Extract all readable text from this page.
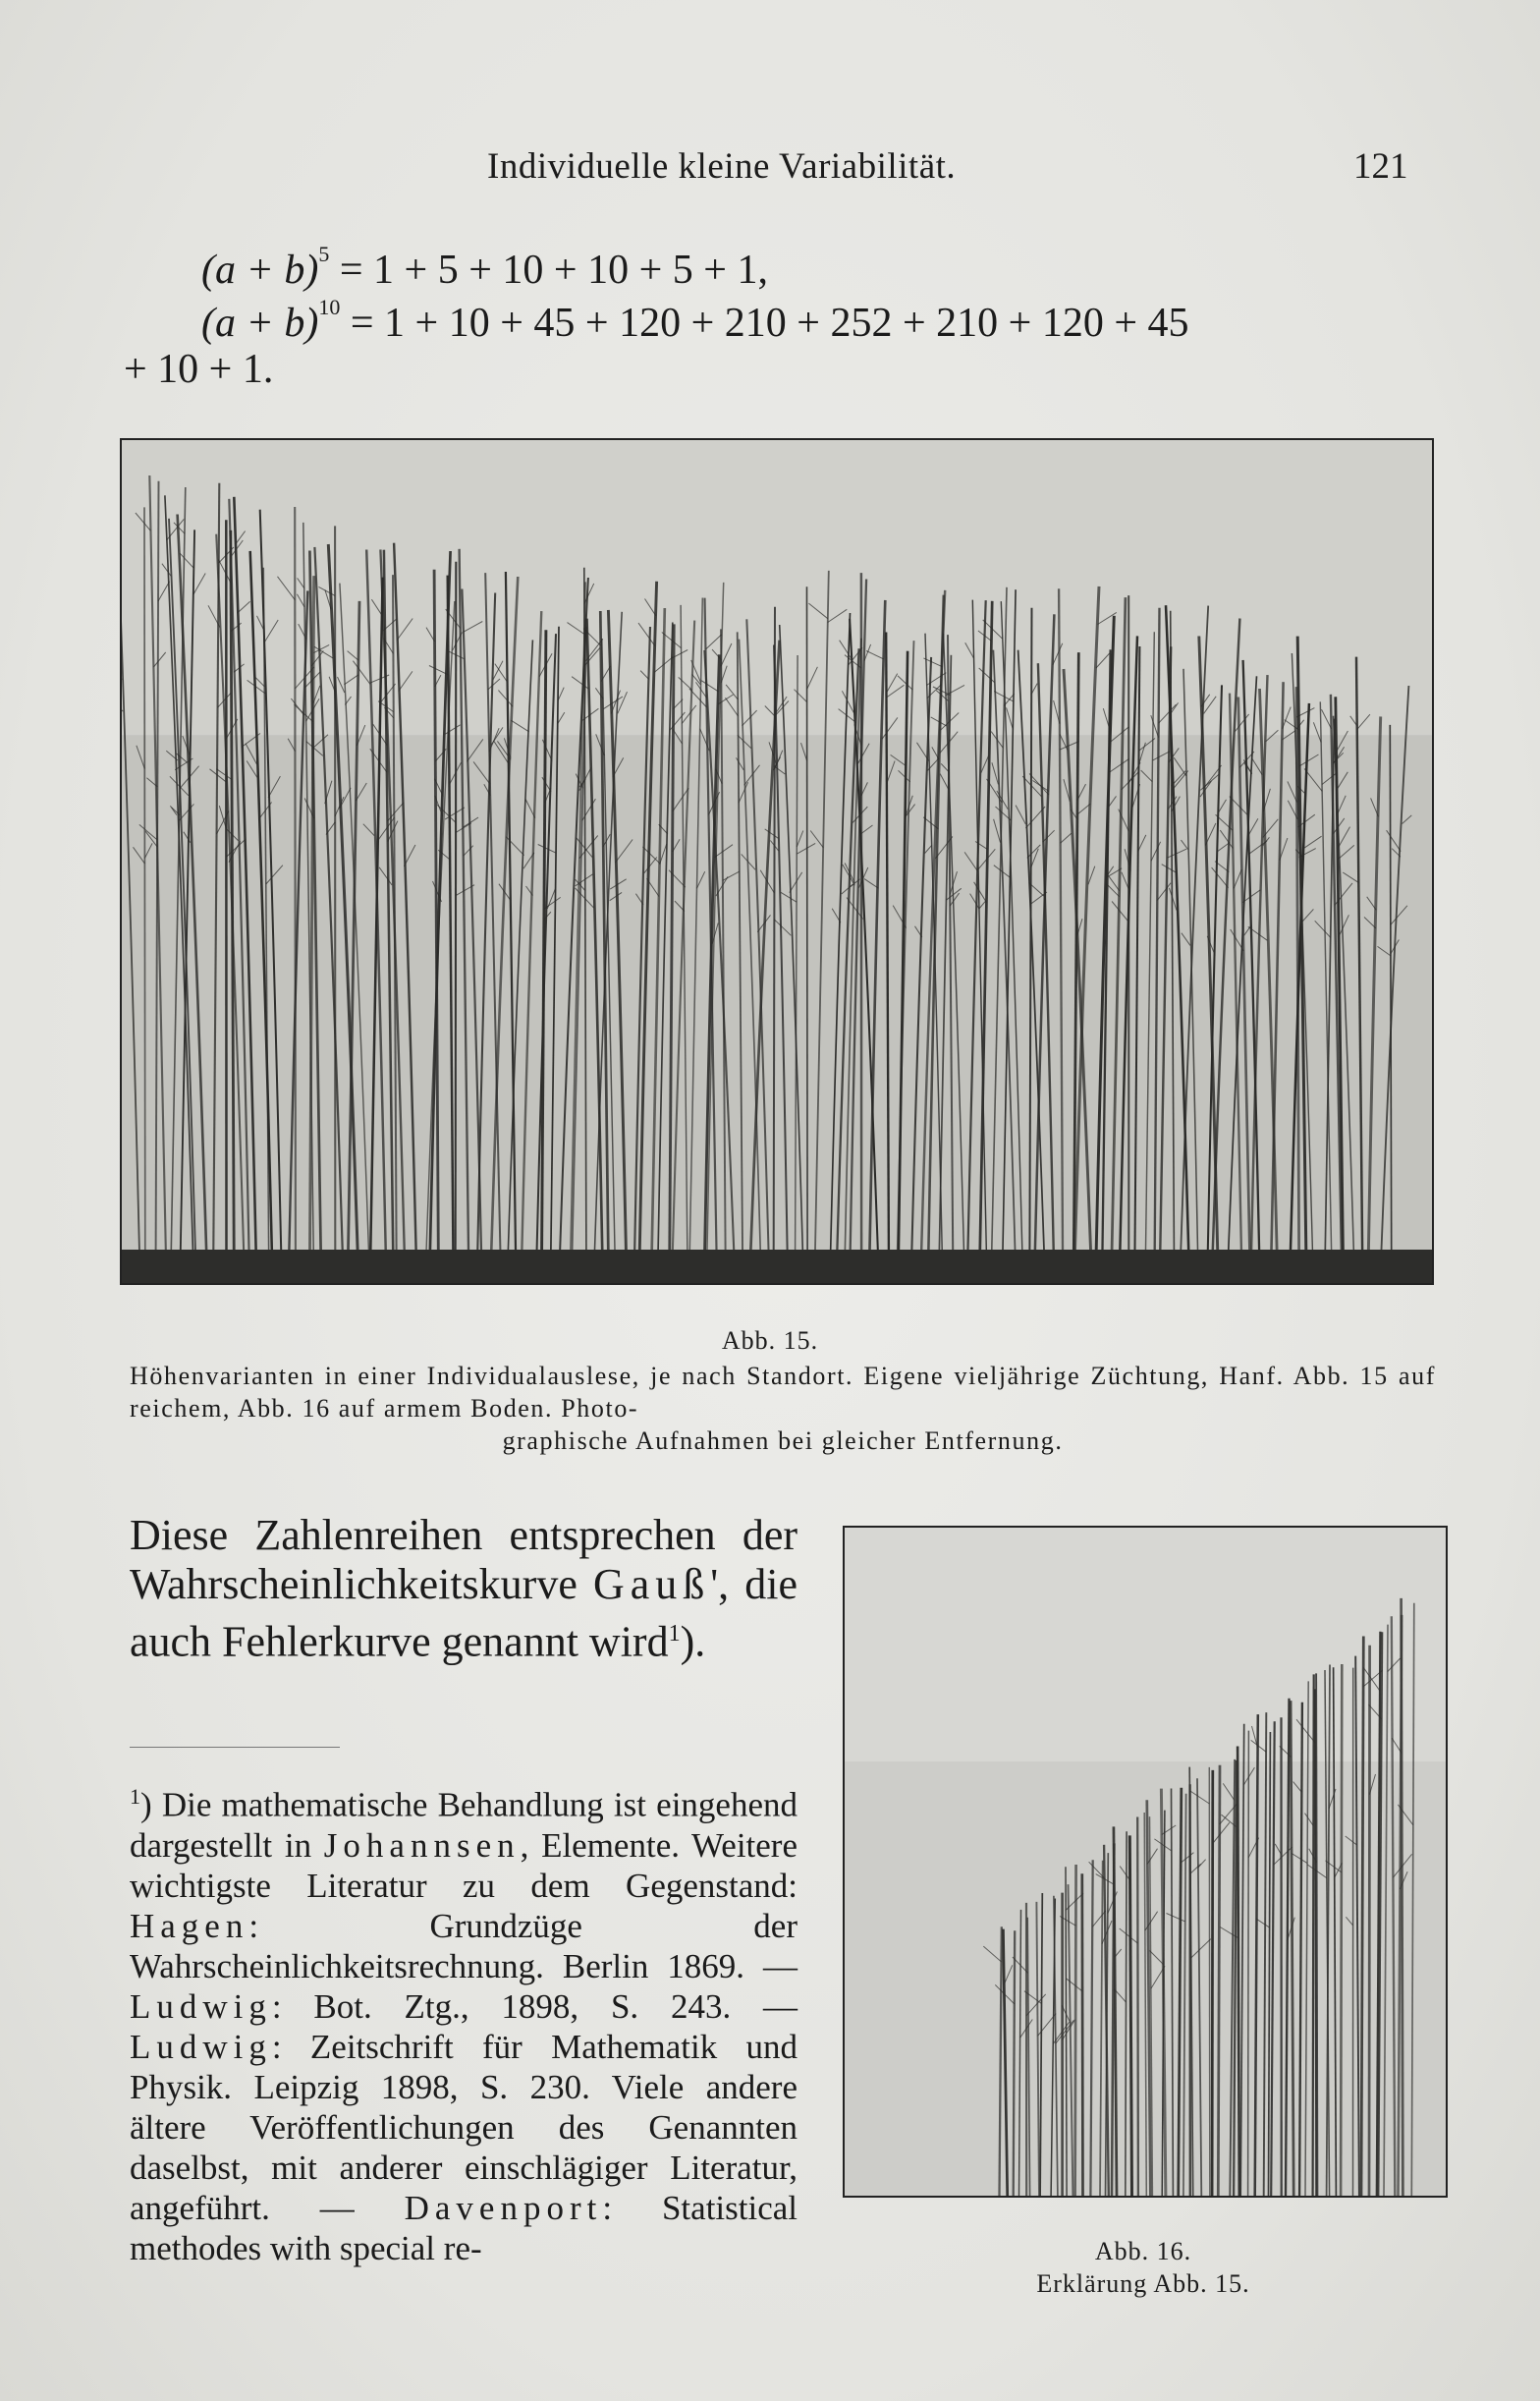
Individuelle kleine Variabilität.	121
$(a + b)^5 = 1 + 5 + 10 + 10 + 5 + 1$,
$(a + b)^{10} = 1 + 10 + 45 + 120 + 210 + 252 + 210 + 120 + 45$
+ 10 + 1.
Abb. 15.
Höhenvarianten in einer Individualauslese, je nach Standort. Eigene vieljährige Züchtung, Hanf. Abb. 15 auf reichem, Abb. 16 auf armem Boden. Photo-
graphische Aufnahmen bei gleicher Entfernung.
Diese Zahlenreihen entsprechen der Wahrscheinlichkeitskurve Gauß', die auch Fehlerkurve genannt wird$^1$).
$^1$) Die mathematische Behandlung ist eingehend dargestellt in Johannsen, Elemente. Weitere wichtigste Literatur zu dem Gegenstand: Hagen: Grundzüge der Wahrscheinlichkeitsrechnung. Berlin 1869. — Ludwig: Bot. Ztg., 1898, S. 243. — Ludwig: Zeitschrift für Mathematik und Physik. Leipzig 1898, S. 230. Viele andere ältere Veröffentlichungen des Genannten daselbst, mit anderer einschlägiger Literatur, angeführt. — Davenport: Statistical methodes with special re-	Abb. 16.
Erklärung Abb. 15.
